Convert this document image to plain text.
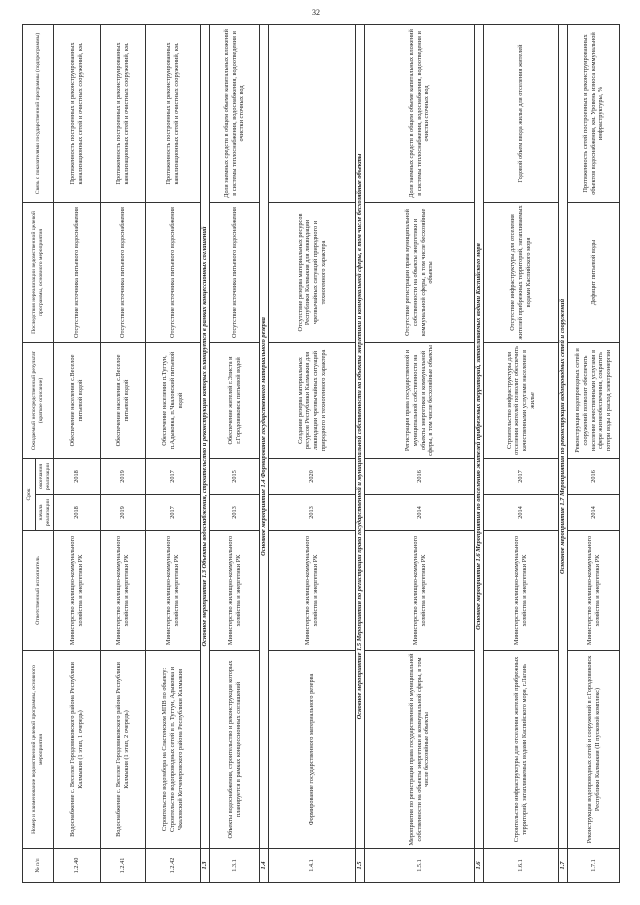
32
№ п/п	Номер и наименование ведомственной целевой программы, основного мероприятия	Ответственный исполнитель	Срок		Ожидаемый непосредственный результат (краткое описание)	Последствия нереализации ведомственной целевой программы, основного мероприятия	Связь с показателями государственной программы (подпрограммы)
			начала реализации	окончания реализации			
1.2.40	Водоснабжение с. Веселое Городовиковского района Республики Калмыкия (1 этап, 1 очередь)	Министерство жилищно-коммунального хозяйства и энергетики РК	2018	2018	Обеспечение населения с.Веселое питьевой водой	Отсутствие источника питьевого водоснабжения	Протяженность построенных и реконструированных канализационных сетей и очистных сооружений, км.
1.2.41	Водоснабжение с. Веселое Городовиковского района Республики Калмыкия (1 этап, 2 очередь)	Министерство жилищно-коммунального хозяйства и энергетики РК	2019	2019	Обеспечение населения с.Веселое питьевой водой	Отсутствие источника питьевого водоснабжения	Протяженность построенных и реконструированных канализационных сетей и очистных сооружений, км.
1.2.42	Строительство водозабора на Сластенском МПВ по объекту: Строительство водопроводных сетей в п. Тугтун, Адыковка и Чкаловский Кетченеровского района Республики Калмыкия	Министерство жилищно-коммунального хозяйства и энергетики РК	2017	2017	Обеспечение населения п.Тугтун, п.Адыковка, п.Чкаловский питьевой водой	Отсутствие источника питьевого водоснабжения	Протяженность построенных и реконструированных канализационных сетей и очистных сооружений, км.
1.3	Основное мероприятие 1.3 Объекты водоснабжения, строительство и реконструкция которых планируется в рамках концессионных соглашений						
1.3.1	Объекты водоснабжения, строительство и реконструкция которых планируется в рамках концессионных соглашений	Министерство жилищно-коммунального хозяйства и энергетики РК	2013	2015	Обеспечение жителей г.Элиста и г.Городовиковск питьевой водой	Отсутствие источника питьевого водоснабжения	Доля заемных средств в общем объеме капитальных вложений в системы теплоснабжения, водоснабжения, водоотведения и очистки сточных вод
1.4	Основное мероприятие 1.4 Формирование государственного материального резерва						
1.4.1	Формирование государственного материального резерва	Министерство жилищно-коммунального хозяйства и энергетики РК	2013	2020	Создание резерва материальных ресурсов Республики Калмыкия для ликвидации чрезвычайных ситуаций природного и техногенного характера	Отсутствие резерва материальных ресурсов Республики Калмыкия для ликвидации чрезвычайных ситуаций природного и техногенного характера	
1.5	Основное мероприятие 1.5 Мероприятия по регистрации права государственной и муниципальной собственности на объекты энергетики и коммунальной сферы, в том числе бесхозяйные объекты						
1.5.1	Мероприятия по регистрации права государственной и муниципальной собственности на объекты энергетики и коммунальной сферы, в том числе бесхозяйные объекты	Министерство жилищно-коммунального хозяйства и энергетики РК	2014	2016	Регистрация права государственной и муниципальной собственности на объекты энергетики и коммунальной сферы, в том числе бесхозяйные объекты	Отсутствие регистрации права муниципальной собственности на объекты энергетики и коммунальной сферы, в том числе бесхозяйные объекты	Доля заемных средств в общем объеме капитальных вложений в системы теплоснабжения, водоснабжения, водоотведения и очистки сточных вод
1.6	Основное мероприятие 1.6 Мероприятия по отселению жителей прибрежных территорий, затапливаемых водами Каспийского моря						
1.6.1	Строительство инфраструктуры для отселения жителей прибрежных территорий, затапливаемых водами Каспийского моря, г.Лагань	Министерство жилищно-коммунального хозяйства и энергетики РК	2014	2017	Строительство инфраструктуры для отселения жителей позволит обеспечить качественными услугами население в жилье	Отсутствие инфраструктуры для отселения жителей прибрежных территорий, затапливаемых водами Каспийского моря	Годовой объем ввода жилья для отселения жителей
1.7	Основное мероприятие 1.7 Мероприятия по реконструкции водопроводных сетей и сооружений						
1.7.1	Реконструкция водопроводных сетей и сооружений в г.Городовиковск Республики Калмыкия (II пусковой комплекс)	Министерство жилищно-коммунального хозяйства и энергетики РК	2014	2016	Реконструкция водопроводных сетей и сооружений позволит обеспечить население качественными услугами в сфере жизнеобеспечения, сократить потери воды и расход электроэнергии	Дефицит питьевой воды	Протяженность сетей построенных и реконструированных объектов водоснабжения, км. Уровень износа коммунальной инфраструктуры, %
